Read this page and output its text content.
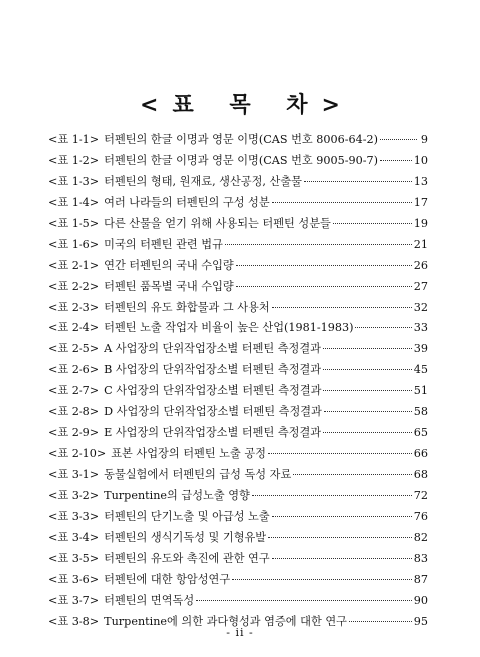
<표 목 차>
<표 1-1> 터펜틴의 한글 이명과 영문 이명(CAS 번호 8006-64-2)	9
<표 1-2> 터펜틴의 한글 이명과 영문 이명(CAS 번호 9005-90-7)	10
<표 1-3> 터펜틴의 형태, 원재료, 생산공정, 산출물	13
<표 1-4> 여러 나라들의 터펜틴의 구성 성분	17
<표 1-5> 다른 산물을 얻기 위해 사용되는 터펜틴 성분들	19
<표 1-6> 미국의 터펜틴 관련 법규	21
<표 2-1> 연간 터펜틴의 국내 수입량	26
<표 2-2> 터펜틴 품목별 국내 수입량	27
<표 2-3> 터펜틴의 유도 화합물과 그 사용처	32
<표 2-4> 터펜틴 노출 작업자 비율이 높은 산업(1981-1983)	33
<표 2-5> A 사업장의 단위작업장소별 터펜틴 측정결과	39
<표 2-6> B 사업장의 단위작업장소별 터펜틴 측정결과	45
<표 2-7> C 사업장의 단위작업장소별 터펜틴 측정결과	51
<표 2-8> D 사업장의 단위작업장소별 터펜틴 측정결과	58
<표 2-9> E 사업장의 단위작업장소별 터펜틴 측정결과	65
<표 2-10> 표본 사업장의 터펜틴 노출 공정	66
<표 3-1> 동물실험에서 터펜틴의 급성 독성 자료	68
<표 3-2> Turpentine의 급성노출 영향	72
<표 3-3> 터펜틴의 단기노출 및 아급성 노출	76
<표 3-4> 터펜틴의 생식기독성 및 기형유발	82
<표 3-5> 터펜틴의 유도와 촉진에 관한 연구	83
<표 3-6> 터펜틴에 대한 항암성연구	87
<표 3-7> 터펜틴의 면역독성	90
<표 3-8> Turpentine에 의한 과다형성과 염증에 대한 연구	95
- ii -
